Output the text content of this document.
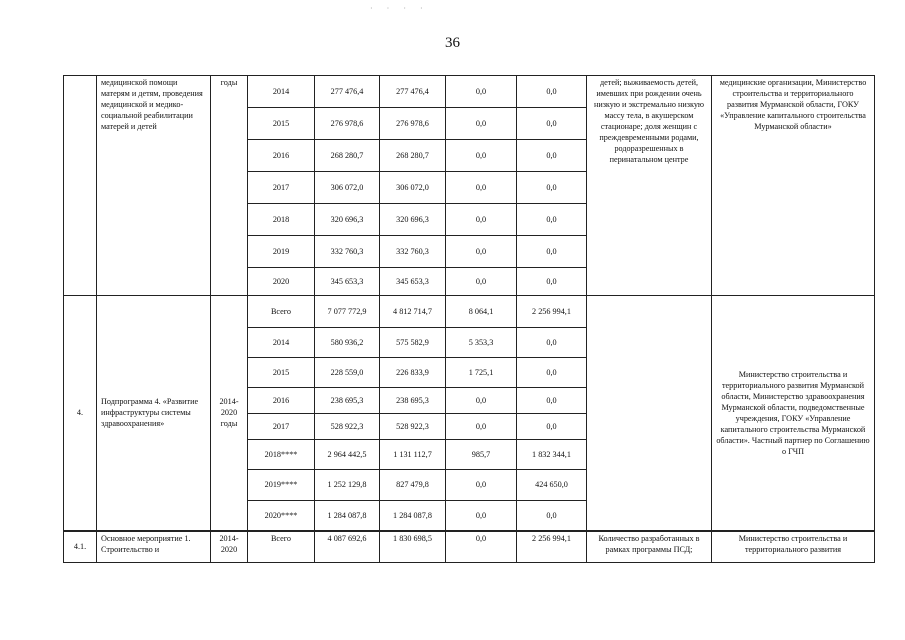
· · · ·
36
	медицинской помощи матерям и детям, проведения медицинской и медико-социальной реабилитации матерей и детей	годы	2014	277 476,4	277 476,4	0,0	0,0	детей; выживаемость детей, имевших при рождении очень низкую и экстремально низкую массу тела, в акушерском стационаре; доля женщин с преждевременными родами, родоразрешенных в перинатальном центре	медицинские организации, Министерство строительства и территориального развития Мурманской области, ГОКУ «Управление капитального строительства Мурманской области»
			2015	276 978,6	276 978,6	0,0	0,0		
			2016	268 280,7	268 280,7	0,0	0,0		
			2017	306 072,0	306 072,0	0,0	0,0		
			2018	320 696,3	320 696,3	0,0	0,0		
			2019	332 760,3	332 760,3	0,0	0,0		
			2020	345 653,3	345 653,3	0,0	0,0		
4.	Подпрограмма 4. «Развитие инфраструктуры системы здравоохранения»	2014-2020 годы	Всего	7 077 772,9	4 812 714,7	8 064,1	2 256 994,1		Министерство строительства и территориального развития Мурманской области, Министерство здравоохранения Мурманской области, подведомственные учреждения, ГОКУ «Управление капитального строительства Мурманской области». Частный партнер по Соглашению о ГЧП
			2014	580 936,2	575 582,9	5 353,3	0,0		
			2015	228 559,0	226 833,9	1 725,1	0,0		
			2016	238 695,3	238 695,3	0,0	0,0		
			2017	528 922,3	528 922,3	0,0	0,0		
			2018****	2 964 442,5	1 131 112,7	985,7	1 832 344,1		
			2019****	1 252 129,8	827 479,8	0,0	424 650,0		
			2020****	1 284 087,8	1 284 087,8	0,0	0,0		
4.1.	Основное мероприятие 1. Строительство и	2014-2020	Всего	4 087 692,6	1 830 698,5	0,0	2 256 994,1	Количество разработанных в рамках программы ПСД;	Министерство строительства и территориального развития
